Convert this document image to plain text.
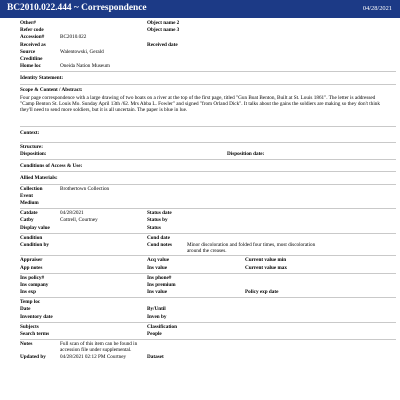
BC2010.022.444 ~ Correspondence	04/28/2021
Other#	Object name 2
Refer code	Object name 3
Accession#	BC2010.022
Received as	Received date
Source	Walentowski, Gerald
Creditline
Home loc	Oneida Nation Museum
Identity Statement:
Scope & Content / Abstract:
Four page correspondence with a large drawing of two boats on a river at the top of the first page, titled "Gun Boat Benton, Built at St. Louis 1861". The letter is addressed "Camp Benton St. Louis Mo. Sunday April 13th /62. Mrs Abba L. Fowler" and signed "from Orland Dick". It talks about the gains the soldiers are making so they don't think they'll need to send more soldiers, but it is all uncertain. The paper is blue in lue.
Context:
Structure:
Disposition:	Disposition date:
Conditions of Access & Use:
Allied Materials:
Collection	Brothertown Collection
Event
Medium
Catdate	04/28/2021	Status date
Catby	Cottrell, Courtney	Status by
Display value	Status
Condition	Cond date
Condition by	Cond notes	Minor discoloration and folded four times, most discoloration around the creases.
Appraiser	Acq value	Current value min
App notes	Ins value	Current value max
Ins policy#	Ins phone#
Ins company	Ins premium
Ins exp	Ins value	Policy exp date
Temp loc
Date	By/Until
Inventory date	Inven by
Subjects	Classification
Search terms	People
Notes	Full scan of this item can be found in accession file under supplemental.
Updated by	04/28/2021 02:12 PM Courtney	Dataset
